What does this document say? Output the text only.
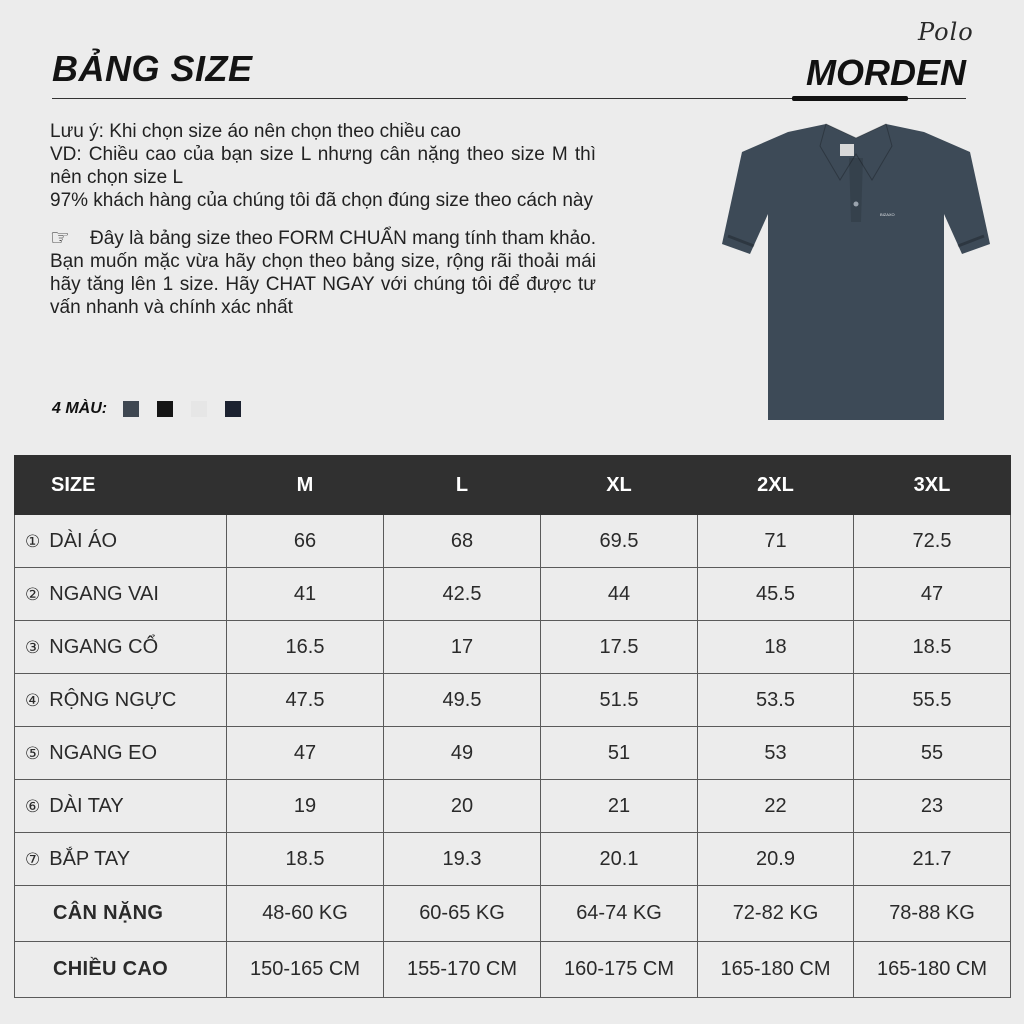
BẢNG SIZE
Polo
MORDEN

Lưu ý: Khi chọn size áo nên chọn theo chiều cao

VD: Chiều cao của bạn size L nhưng cân nặng theo size M thì nên chọn size L

97% khách hàng của chúng tôi đã chọn đúng size theo cách này

☞ Đây là bảng size theo FORM CHUẨN mang tính tham khảo. Bạn muốn mặc vừa hãy chọn theo bảng size, rộng rãi thoải mái hãy tăng lên 1 size. Hãy CHAT NGAY với chúng tôi để được tư vấn nhanh và chính xác nhất

4 MÀU:
BIZAXO
SIZE	M	L	XL	2XL	3XL
① DÀI ÁO	66	68	69.5	71	72.5
② NGANG VAI	41	42.5	44	45.5	47
③ NGANG CỔ	16.5	17	17.5	18	18.5
④ RỘNG NGỰC	47.5	49.5	51.5	53.5	55.5
⑤ NGANG EO	47	49	51	53	55
⑥ DÀI TAY	19	20	21	22	23
⑦ BẮP TAY	18.5	19.3	20.1	20.9	21.7
CÂN NẶNG	48-60 KG	60-65 KG	64-74 KG	72-82 KG	78-88 KG
CHIỀU CAO	150-165 CM	155-170 CM	160-175 CM	165-180 CM	165-180 CM
